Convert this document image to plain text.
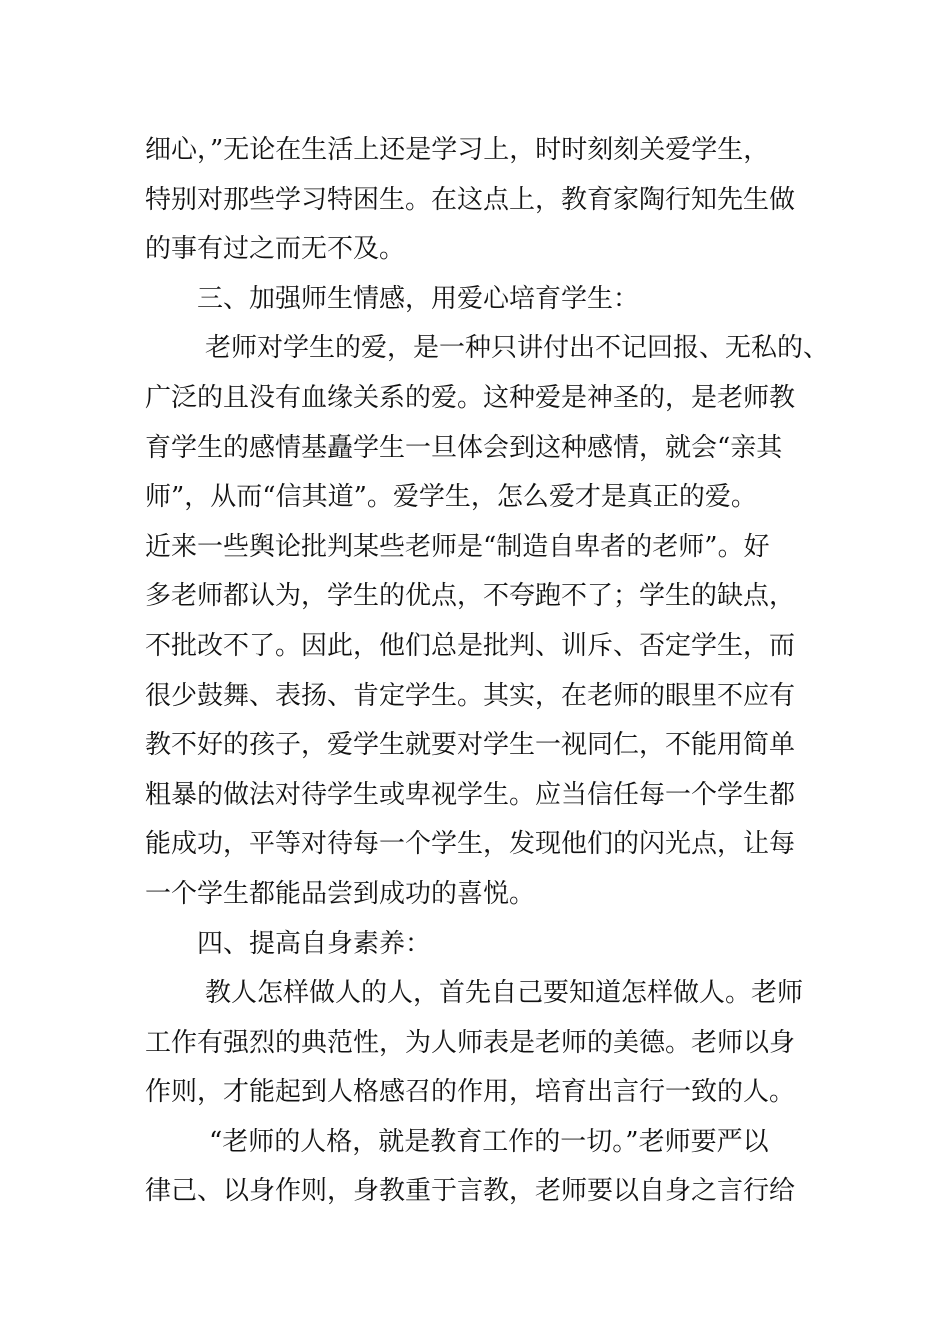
细心，”无论在生活上还是学习上，时时刻刻关爱学生，

特别对那些学习特困生。在这点上，教育家陶行知先生做

的事有过之而无不及。

三、加强师生情感，用爱心培育学生：

老师对学生的爱，是一种只讲付出不记回报、无私的、

广泛的且没有血缘关系的爱。这种爱是神圣的，是老师教

育学生的感情基矗学生一旦体会到这种感情，就会“亲其

师”，从而“信其道”。爱学生，怎么爱才是真正的爱。

近来一些舆论批判某些老师是“制造自卑者的老师”。好

多老师都认为，学生的优点，不夸跑不了；学生的缺点，

不批改不了。因此，他们总是批判、训斥、否定学生，而

很少鼓舞、表扬、肯定学生。其实，在老师的眼里不应有

教不好的孩子，爱学生就要对学生一视同仁，不能用简单

粗暴的做法对待学生或卑视学生。应当信任每一个学生都

能成功，平等对待每一个学生，发现他们的闪光点，让每

一个学生都能品尝到成功的喜悦。

四、提高自身素养：

教人怎样做人的人，首先自己要知道怎样做人。老师

工作有强烈的典范性，为人师表是老师的美德。老师以身

作则，才能起到人格感召的作用，培育出言行一致的人。

“老师的人格，就是教育工作的一切。”老师要严以

律己、以身作则，身教重于言教，老师要以自身之言行给
